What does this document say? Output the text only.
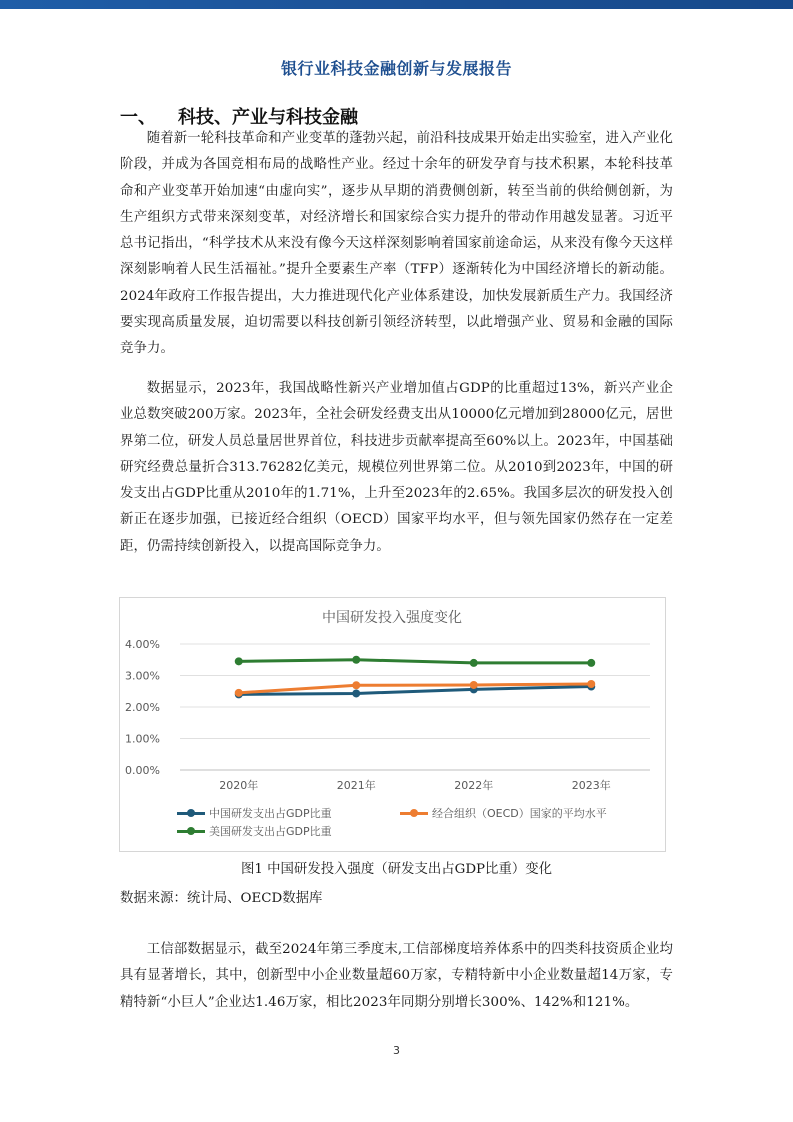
银行业科技金融创新与发展报告
一、 科技、产业与科技金融

随着新一轮科技革命和产业变革的蓬勃兴起，前沿科技成果开始走出实验室，进入产业化阶段，并成为各国竞相布局的战略性产业。经过十余年的研发孕育与技术积累，本轮科技革命和产业变革开始加速“由虚向实”，逐步从早期的消费侧创新，转至当前的供给侧创新，为生产组织方式带来深刻变革，对经济增长和国家综合实力提升的带动作用越发显著。习近平总书记指出，“科学技术从来没有像今天这样深刻影响着国家前途命运，从来没有像今天这样深刻影响着人民生活福祉。”提升全要素生产率（TFP）逐渐转化为中国经济增长的新动能。2024年政府工作报告提出，大力推进现代化产业体系建设，加快发展新质生产力。我国经济要实现高质量发展，迫切需要以科技创新引领经济转型，以此增强产业、贸易和金融的国际竞争力。

数据显示，2023年，我国战略性新兴产业增加值占GDP的比重超过13%，新兴产业企业总数突破200万家。2023年，全社会研发经费支出从10000亿元增加到28000亿元，居世界第二位，研发人员总量居世界首位，科技进步贡献率提高至60%以上。2023年，中国基础研究经费总量折合313.76282亿美元，规模位列世界第二位。从2010到2023年，中国的研发支出占GDP比重从2010年的1.71%，上升至2023年的2.65%。我国多层次的研发投入创新正在逐步加强，已接近经合组织（OECD）国家平均水平，但与领先国家仍然存在一定差距，仍需持续创新投入，以提高国际竞争力。

中国研发投入强度变化
0.00%
1.00%
2.00%
3.00%
4.00%
2020年	2021年	2022年	2023年
中国研发支出占GDP比重	经合组织（OECD）国家的平均水平
美国研发支出占GDP比重
图1 中国研发投入强度（研发支出占GDP比重）变化
数据来源：统计局、OECD数据库

工信部数据显示，截至2024年第三季度末,工信部梯度培养体系中的四类科技资质企业均具有显著增长，其中，创新型中小企业数量超60万家，专精特新中小企业数量超14万家，专精特新“小巨人”企业达1.46万家，相比2023年同期分别增长300%、142%和121%。

3
